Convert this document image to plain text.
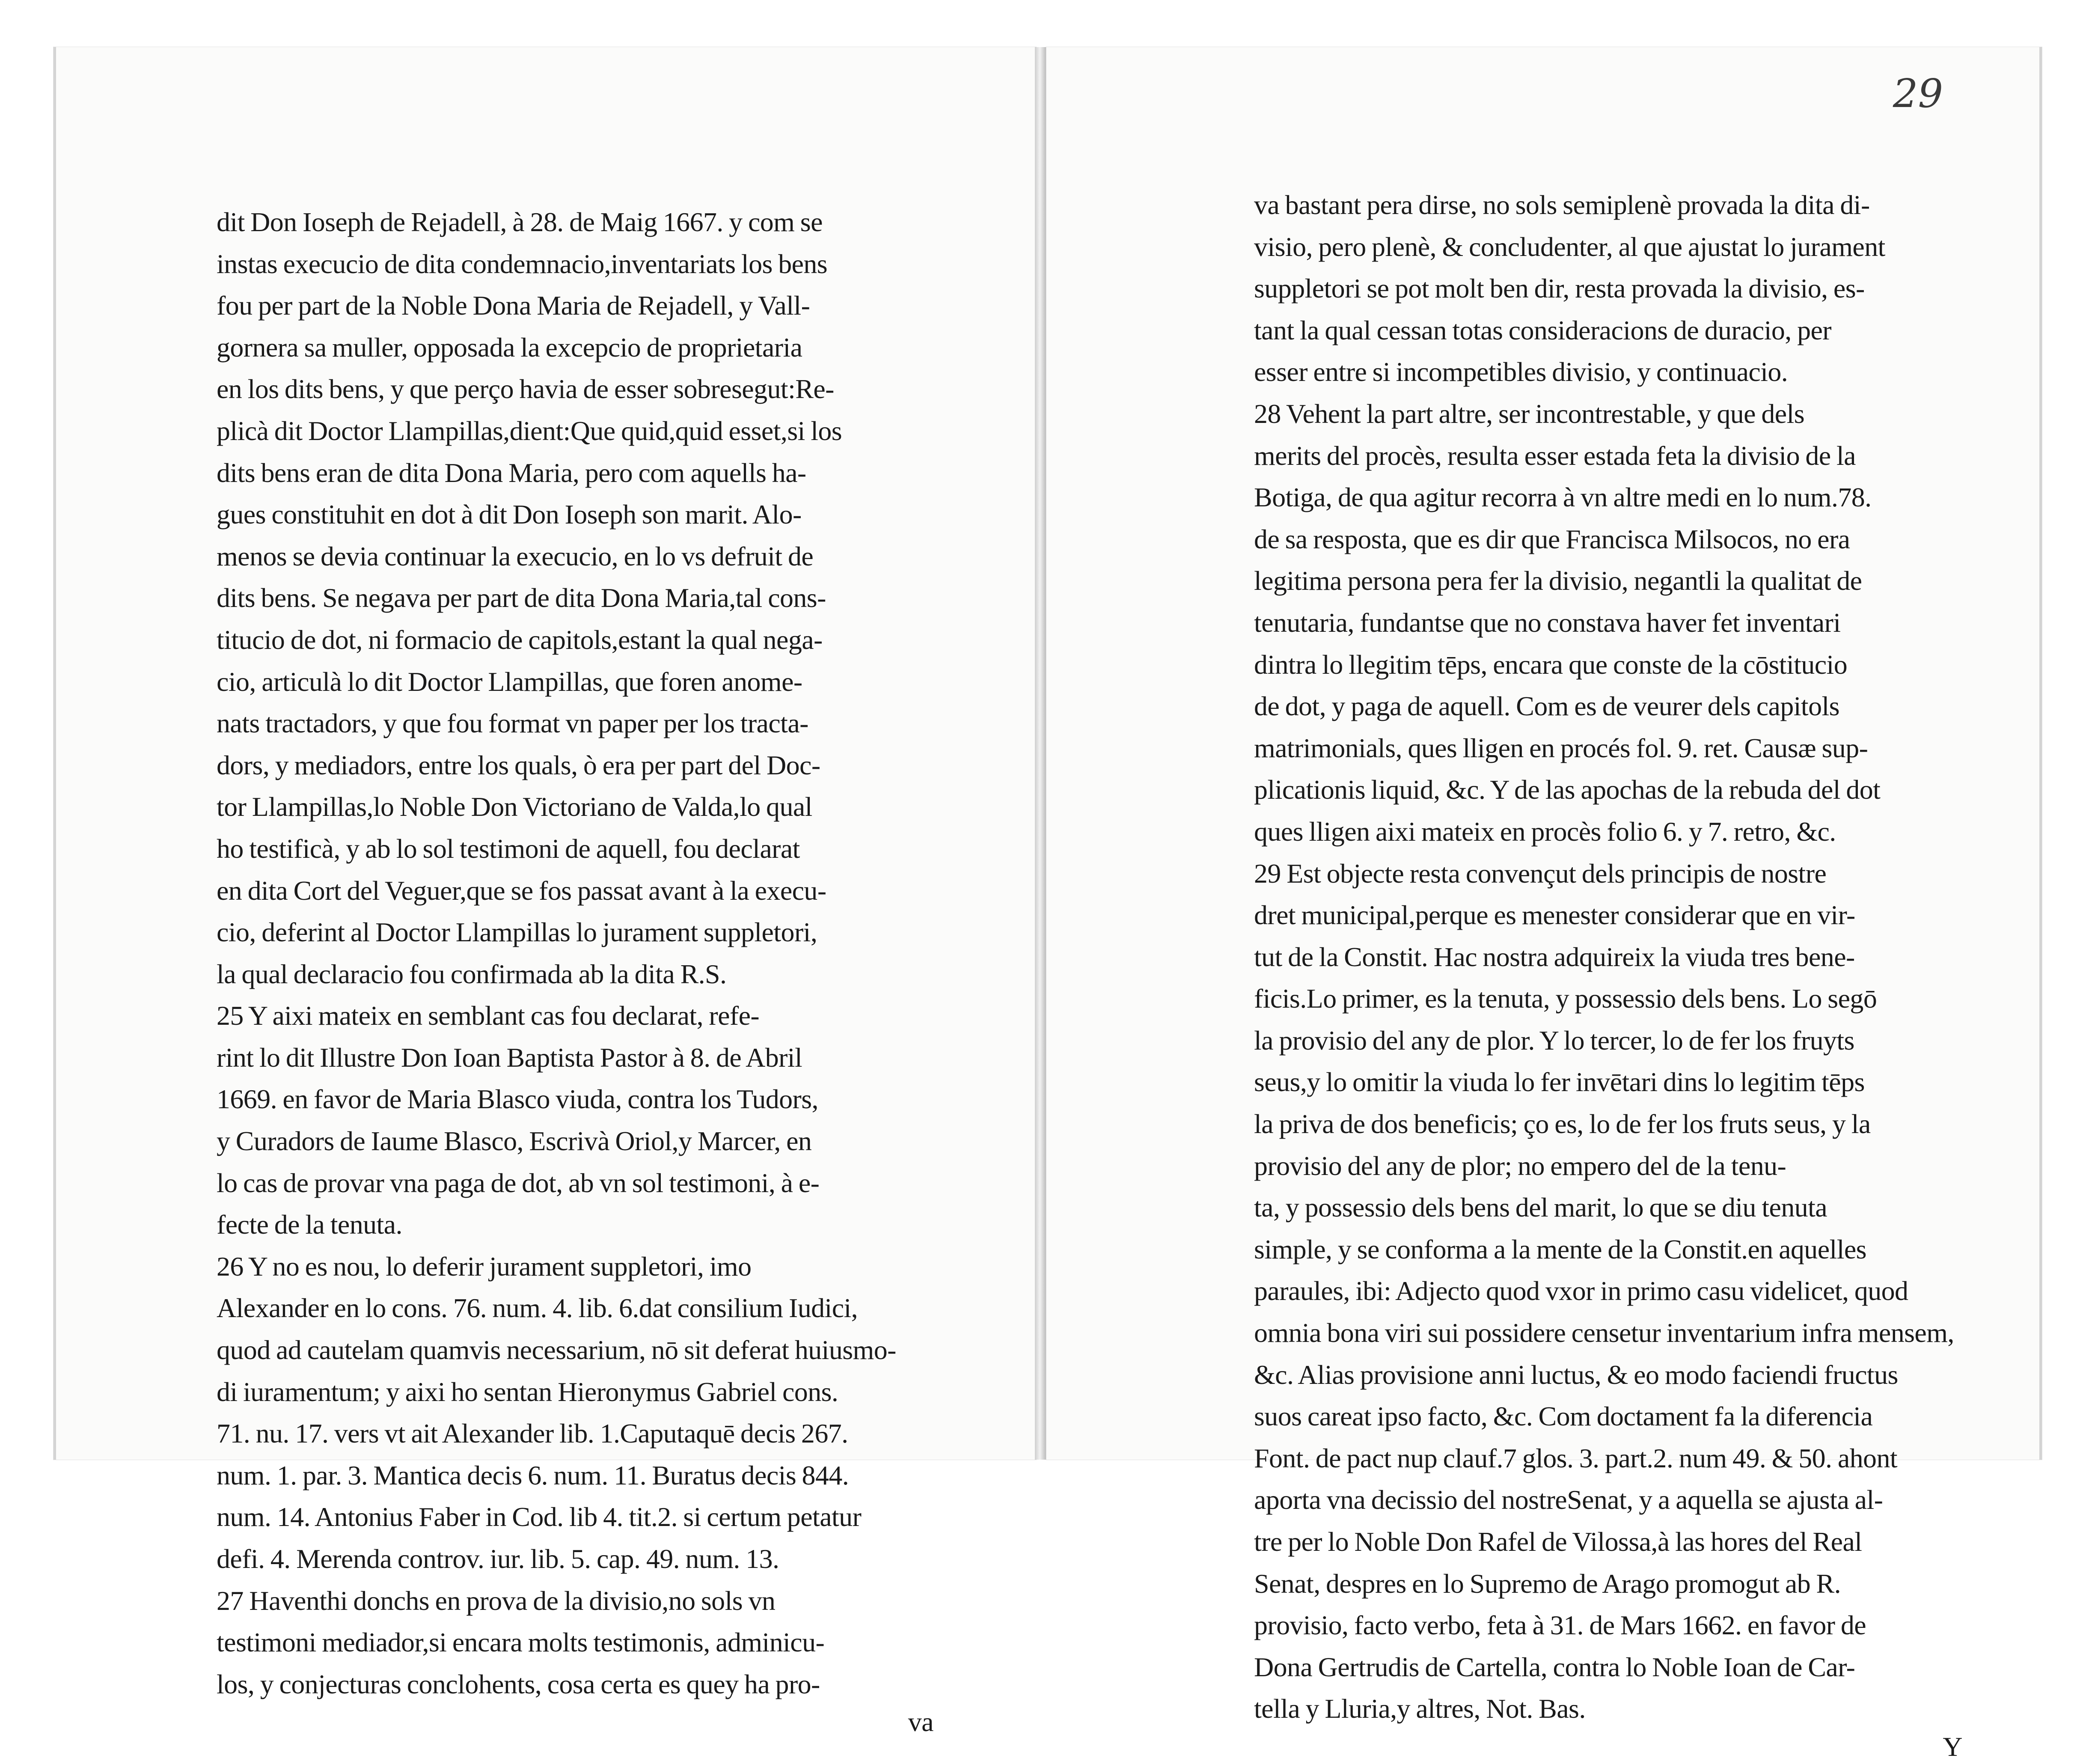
dit Don Ioseph de Rejadell, à 28. de Maig 1667. y com se
instas execucio de dita condemnacio,inventariats los bens
fou per part de la Noble Dona Maria de Rejadell, y Vall-
gornera sa muller, opposada la excepcio de proprietaria
en los dits bens, y que perço havia de esser sobresegut:Re-
plicà dit Doctor Llampillas,dient:Que quid,quid esset,si los
dits bens eran de dita Dona Maria, pero com aquells ha-
gues constituhit en dot à dit Don Ioseph son marit. Alo-
menos se devia continuar la execucio, en lo vs defruit de
dits bens. Se negava per part de dita Dona Maria,tal cons-
titucio de dot, ni formacio de capitols,estant la qual nega-
cio, articulà lo dit Doctor Llampillas, que foren anome-
nats tractadors, y que fou format vn paper per los tracta-
dors, y mediadors, entre los quals, ò era per part del Doc-
tor Llampillas,lo Noble Don Victoriano de Valda,lo qual
ho testificà, y ab lo sol testimoni de aquell, fou declarat
en dita Cort del Veguer,que se fos passat avant à la execu-
cio, deferint al Doctor Llampillas lo jurament suppletori,
la qual declaracio fou confirmada ab la dita R.S.
25 Y aixi mateix en semblant cas fou declarat, refe-
rint lo dit Illustre Don Ioan Baptista Pastor à 8. de Abril
1669. en favor de Maria Blasco viuda, contra los Tudors,
y Curadors de Iaume Blasco, Escrivà Oriol,y Marcer, en
lo cas de provar vna paga de dot, ab vn sol testimoni, à e-
fecte de la tenuta.
26 Y no es nou, lo deferir jurament suppletori, imo
Alexander en lo cons. 76. num. 4. lib. 6.dat consilium Iudici,
quod ad cautelam quamvis necessarium, nō sit deferat huiusmo-
di iuramentum; y aixi ho sentan Hieronymus Gabriel cons.
71. nu. 17. vers vt ait Alexander lib. 1.Caputaquē decis 267.
num. 1. par. 3. Mantica decis 6. num. 11. Buratus decis 844.
num. 14. Antonius Faber in Cod. lib 4. tit.2. si certum petatur
defi. 4. Merenda controv. iur. lib. 5. cap. 49. num. 13.
27 Haventhi donchs en prova de la divisio,no sols vn
testimoni mediador,si encara molts testimonis, adminicu-
los, y conjecturas conclohents, cosa certa es quey ha pro-
va
29
va bastant pera dirse, no sols semiplenè provada la dita di-
visio, pero plenè, & concludenter, al que ajustat lo jurament
suppletori se pot molt ben dir, resta provada la divisio, es-
tant la qual cessan totas consideracions de duracio, per
esser entre si incompetibles divisio, y continuacio.
28 Vehent la part altre, ser incontrestable, y que dels
merits del procès, resulta esser estada feta la divisio de la
Botiga, de qua agitur recorra à vn altre medi en lo num.78.
de sa resposta, que es dir que Francisca Milsocos, no era
legitima persona pera fer la divisio, negantli la qualitat de
tenutaria, fundantse que no constava haver fet inventari
dintra lo llegitim tēps, encara que conste de la cōstitucio
de dot, y paga de aquell. Com es de veurer dels capitols
matrimonials, ques lligen en procés fol. 9. ret. Causæ sup-
plicationis liquid, &c. Y de las apochas de la rebuda del dot
ques lligen aixi mateix en procès folio 6. y 7. retro, &c.
29 Est objecte resta convençut dels principis de nostre
dret municipal,perque es menester considerar que en vir-
tut de la Constit. Hac nostra adquireix la viuda tres bene-
ficis.Lo primer, es la tenuta, y possessio dels bens. Lo segō
la provisio del any de plor. Y lo tercer, lo de fer los fruyts
seus,y lo omitir la viuda lo fer invētari dins lo legitim tēps
la priva de dos beneficis; ço es, lo de fer los fruts seus, y la
provisio del any de plor; no empero del de la tenu-
ta, y possessio dels bens del marit, lo que se diu tenuta
simple, y se conforma a la mente de la Constit.en aquelles
paraules, ibi: Adjecto quod vxor in primo casu videlicet, quod
omnia bona viri sui possidere censetur inventarium infra mensem,
&c. Alias provisione anni luctus, & eo modo faciendi fructus
suos careat ipso facto, &c. Com doctament fa la diferencia
Font. de pact nup clauf.7 glos. 3. part.2. num 49. & 50. ahont
aporta vna decissio del nostreSenat, y a aquella se ajusta al-
tre per lo Noble Don Rafel de Vilossa,à las hores del Real
Senat, despres en lo Supremo de Arago promogut ab R.
provisio, facto verbo, feta à 31. de Mars 1662. en favor de
Dona Gertrudis de Cartella, contra lo Noble Ioan de Car-
tella y Lluria,y altres, Not. Bas.
Y
